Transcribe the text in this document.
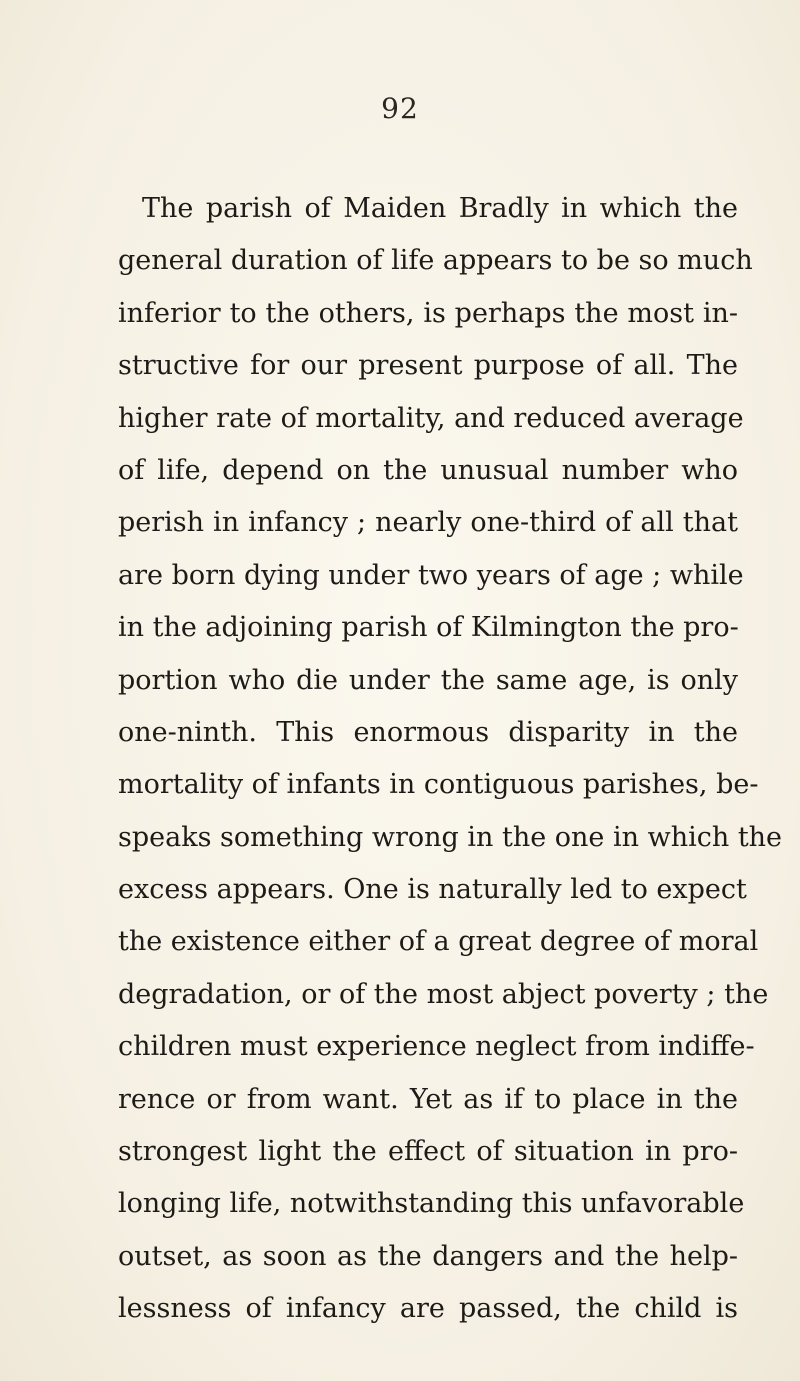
92
The parish of Maiden Bradly in which the
general duration of life appears to be so much
inferior to the others, is perhaps the most in-
structive for our present purpose of all. The
higher rate of mortality, and reduced average
of life, depend on the unusual number who
perish in infancy ; nearly one-third of all that
are born dying under two years of age ; while
in the adjoining parish of Kilmington the pro-
portion who die under the same age, is only
one-ninth. This enormous disparity in the
mortality of infants in contiguous parishes, be-
speaks something wrong in the one in which the
excess appears. One is naturally led to expect
the existence either of a great degree of moral
degradation, or of the most abject poverty ; the
children must experience neglect from indiffe-
rence or from want. Yet as if to place in the
strongest light the effect of situation in pro-
longing life, notwithstanding this unfavorable
outset, as soon as the dangers and the help-
lessness of infancy are passed, the child is
